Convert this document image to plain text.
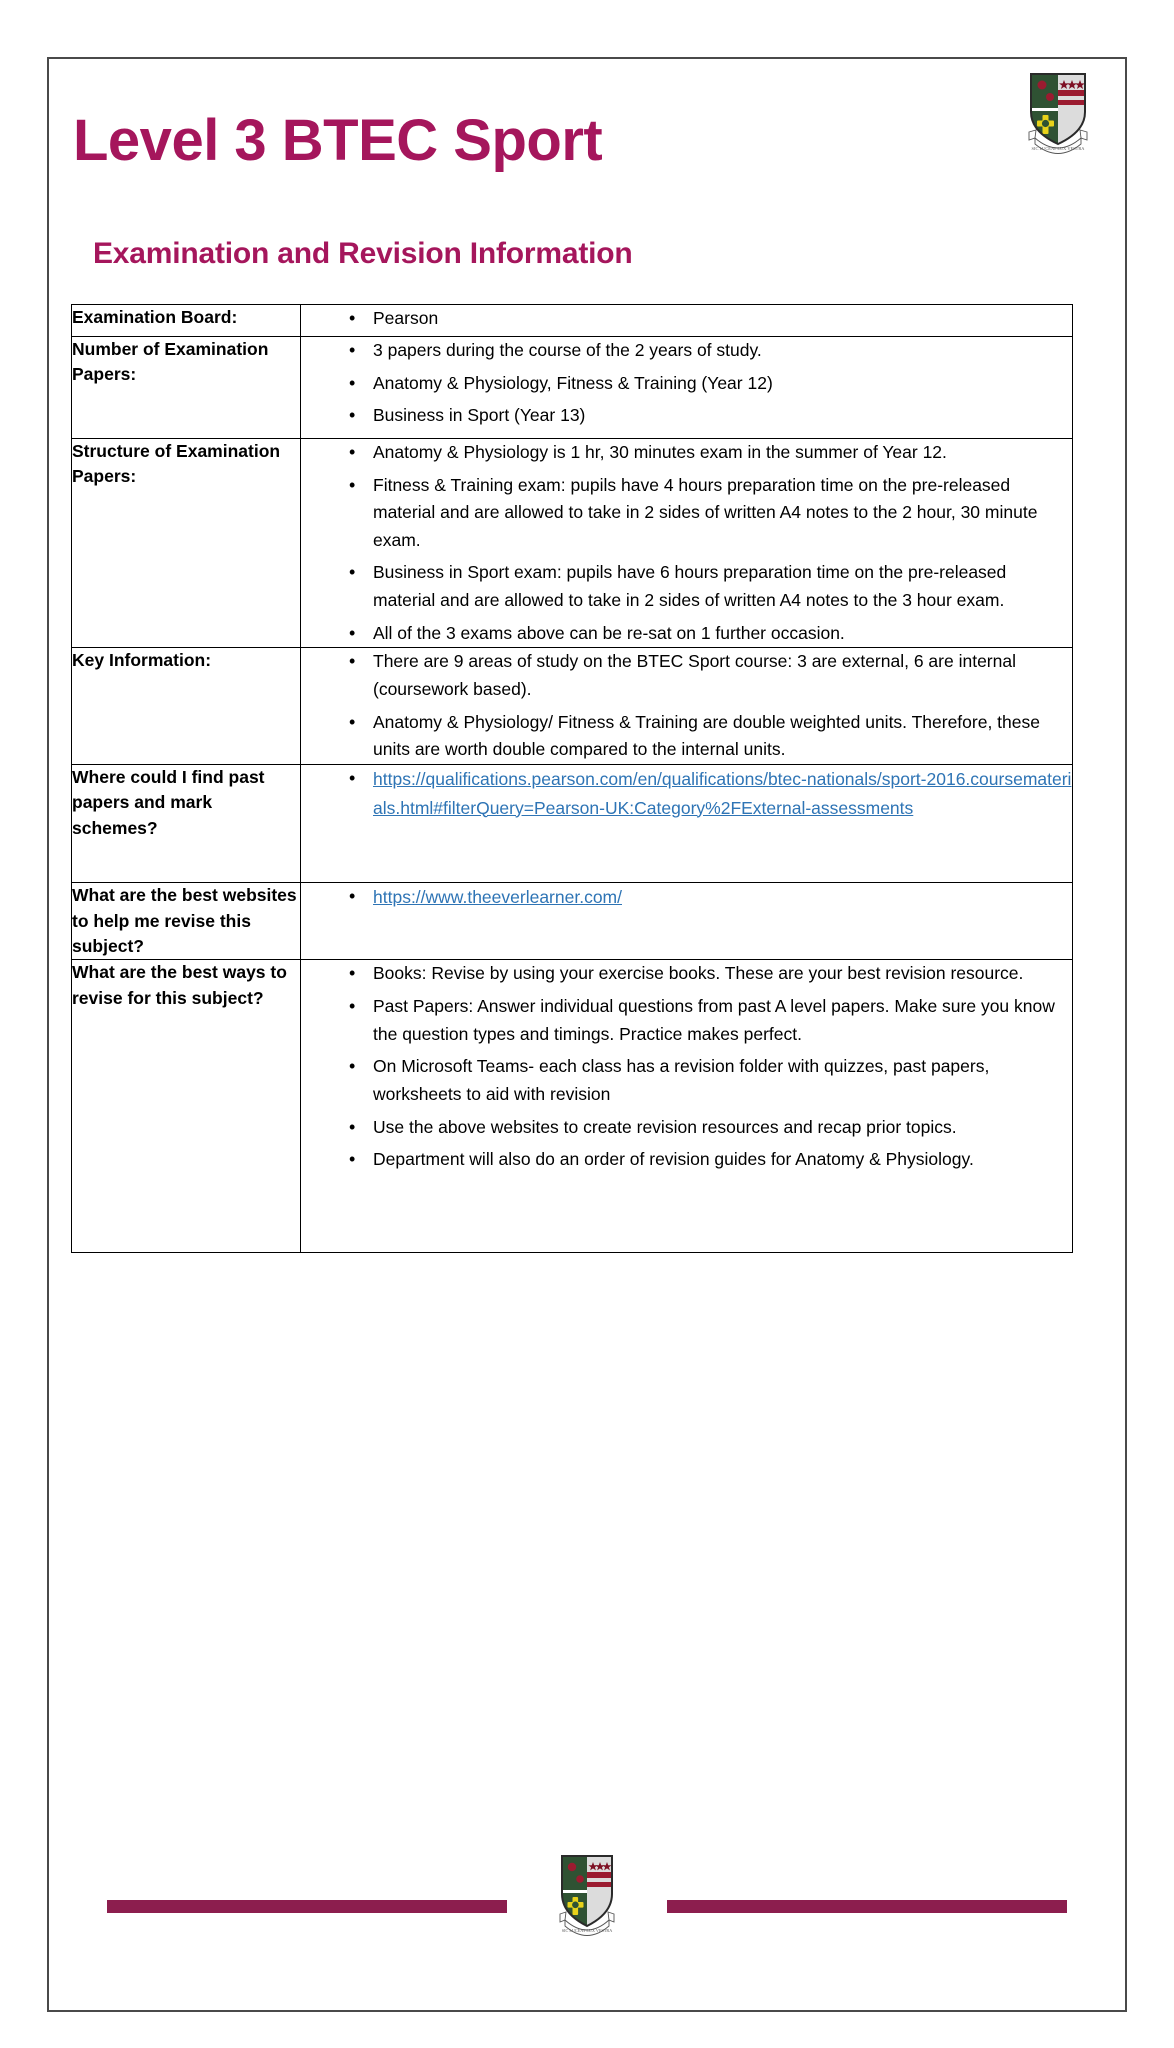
Level 3 BTEC Sport
Examination and Revision Information
SIC LUCEAT LUX VESTRA
Examination Board:	
•Pearson

Number of Examination Papers:	
• 3 papers during the course of the 2 years of study.
• Anatomy & Physiology, Fitness & Training (Year 12)
• Business in Sport (Year 13)

Structure of Examination Papers:	
• Anatomy & Physiology is 1 hr, 30 minutes exam in the summer of Year 12.
• Fitness & Training exam: pupils have 4 hours preparation time on the pre-released material and are allowed to take in 2 sides of written A4 notes to the 2 hour, 30 minute exam.
• Business in Sport exam: pupils have 6 hours preparation time on the pre-released material and are allowed to take in 2 sides of written A4 notes to the 3 hour exam.
• All of the 3 exams above can be re-sat on 1 further occasion.

Key Information:	
•There are 9 areas of study on the BTEC Sport course: 3 are external, 6 are internal (coursework based).
• Anatomy & Physiology/ Fitness & Training are double weighted units. Therefore, these units are worth double compared to the internal units.

Where could I find past papers and mark schemes?	
• https://qualifications.pearson.com/en/qualifications/btec-nationals/sport-2016.coursematerials.html#filterQuery=Pearson-UK:Category%2FExternal-assessments

What are the best websites to help me revise this subject?	
• https://www.theeverlearner.com/

What are the best ways to revise for this subject?	
• Books: Revise by using your exercise books. These are your best revision resource.
• Past Papers: Answer individual questions from past A level papers. Make sure you know the question types and timings. Practice makes perfect.
• On Microsoft Teams- each class has a revision folder with quizzes, past papers, worksheets to aid with revision
• Use the above websites to create revision resources and recap prior topics.
• Department will also do an order of revision guides for Anatomy & Physiology.
SIC LUCEAT LUX VESTRA
